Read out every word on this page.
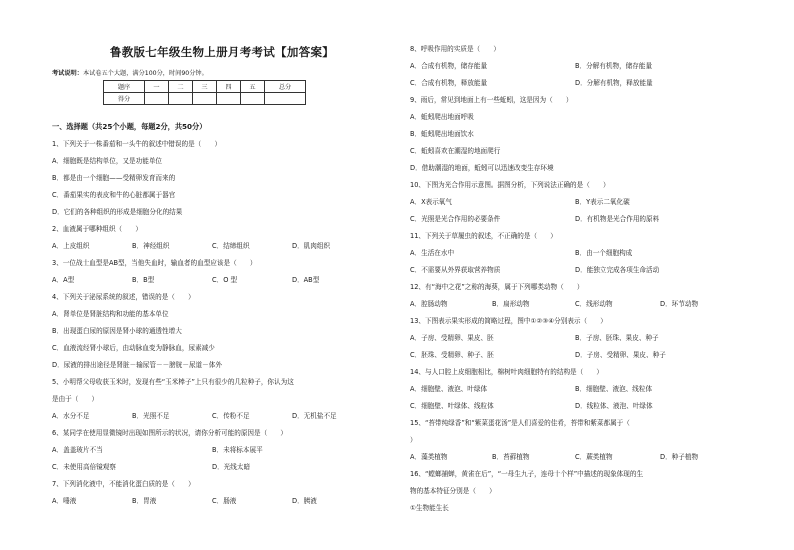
鲁教版七年级生物上册月考考试【加答案】
考试说明：本试卷五个大题，满分100分，时间90分钟。
题序	一	二	三	四	五	总分
得分						
一、选择题（共25个小题，每题2分，共50分）
1、下列关于一株番茄和一头牛的叙述中错误的是（　　）
A．细胞既是结构单位，又是功能单位
B．都是由一个细胞——受精卵发育而来的
C．番茄果实的表皮和牛的心脏都属于器官
D．它们的各种组织的形成是细胞分化的结果
2、血液属于哪种组织（　　）
A．上皮组织	B．神经组织	C．结缔组织	D．肌肉组织
3、一位战士血型是AB型，当他失血时，输血者的血型应该是（　　）
A．A型	B．B型	C．O 型	D．AB型
4、下列关于泌尿系统的叙述，错误的是（　　）
A．肾单位是肾脏结构和功能的基本单位
B．出现蛋白尿的原因是肾小球的通透性增大
C．血液流经肾小球后，由动脉血变为静脉血，尿素减少
D．尿液的排出途径是肾脏－输尿管－－膀胱－尿道－体外
5、小明帮父母收获玉米时，发现有些“玉米棒子”上只有很少的几粒种子，你认为这
是由于（　　）
A．水分不足	B．光照不足	C．传粉不足	D．无机盐不足
6、某同学在使用显微镜时出现如图所示的状况，请你分析可能的原因是（　　）
A．盖盖玻片不当	B．未将标本展平
C．未使用高倍镜观察	D．光线太暗
7、下列消化液中，不能消化蛋白质的是（　　）
A．唾液	B．胃液	C．肠液	D．胰液
8、呼吸作用的实质是（　　）
A．合成有机物，储存能量	B．分解有机物，储存能量
C．合成有机物，释放能量	D．分解有机物，释放能量
9、雨后，常见到地面上有一些蚯蚓，这是因为（　　）
A．蚯蚓爬出地面呼吸
B．蚯蚓爬出地面饮水
C．蚯蚓喜欢在潮湿的地面爬行
D．借助潮湿的地面，蚯蚓可以迅速改变生存环境
10、下图为光合作用示意图。据图分析，下列说法正确的是（　　）
A．X表示氧气	B．Y表示二氧化碳
C．光照是光合作用的必要条件	D．有机物是光合作用的原料
11、下列关于草履虫的叙述，不正确的是（　　）
A．生活在水中	B．由一个细胞构成
C．不需要从外界获取营养物质	D．能独立完成各项生命活动
12、有“海中之花”之称的海葵，属于下列哪类动物（　　）
A．腔肠动物	B．扁形动物	C．线形动物	D．环节动物
13、下图表示果实形成的简略过程，图中①②③④分别表示（　　）
A．子房、受精卵、果皮、胚	B．子房、胚珠、果皮、种子
C．胚珠、受精卵、种子、胚	D．子房、受精卵、果皮、种子
14、与人口腔上皮细胞相比，棉树叶肉细胞特有的结构是（　　）
A．细胞壁、液泡、叶绿体	B．细胞壁、液泡、线粒体
C．细胞壁、叶绿体、线粒体	D．线粒体、液泡、叶绿体
15、“苔带纯绿香”和“紫菜蛋花汤”是人们喜爱的佳肴，苔带和紫菜都属于（
）
A．藻类植物	B．苔藓植物	C．蕨类植物	D．种子植物
16、“螳螂捕蝉，黄雀在后”，“一母生九子，连母十个样”中描述的现象体现的生
物的基本特征分别是（　　）
①生物能生长
